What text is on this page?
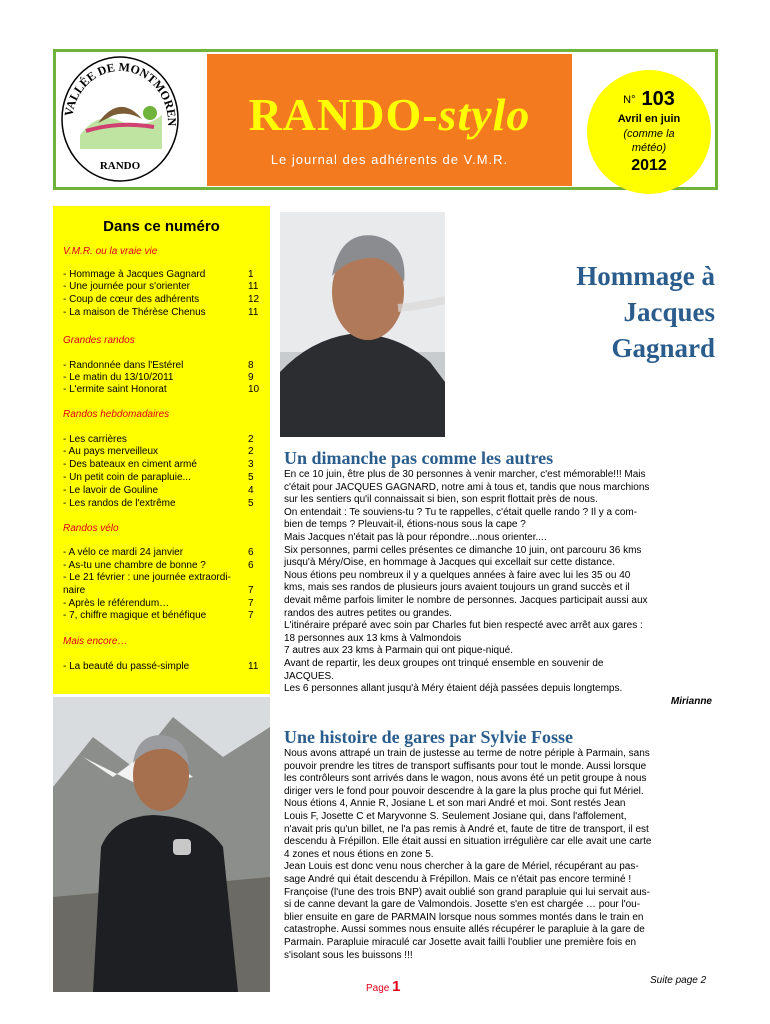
VALLÉE DE MONTMOREN
RANDO
RANDO-stylo
Le journal des adhérents de V.M.R.
$^{N^\circ}$ 103
Avril en juin
(comme la
météo)
2012
Dans ce numéro
V.M.R. ou la vraie vie
- Hommage à Jacques Gagnard	1
- Une journée pour s'orienter	11
- Coup de cœur des adhérents	12
- La maison de Thérèse Chenus	11
Grandes randos
- Randonnée dans l'Estérel	8
- Le matin du 13/10/2011	9
- L'ermite saint Honorat	10
Randos hebdomadaires
- Les carrières	2
- Au pays merveilleux	2
- Des bateaux en ciment armé	3
- Un petit coin de parapluie...	5
- Le lavoir de Gouline	4
- Les randos de l'extrême	5
Randos vélo
- A vélo ce mardi 24 janvier	6
- As-tu une chambre de bonne ?	6
- Le 21 février : une journée extraordi-
naire	7
- Après le référendum…	7
- 7, chiffre magique et bénéfique	7
Mais encore…
- La beauté du passé-simple	11
Hommage à
Jacques
Gagnard
Un dimanche pas comme les autres
En ce 10 juin, être plus de 30 personnes à venir marcher, c'est mémorable!!! Mais
c'était pour JACQUES GAGNARD, notre ami à tous et, tandis que nous marchions
sur les sentiers qu'il connaissait si bien, son esprit flottait près de nous.
On entendait : Te souviens-tu ? Tu te rappelles, c'était quelle rando ? Il y a com-
bien de temps ? Pleuvait-il, étions-nous sous la cape ?
Mais Jacques n'était pas là pour répondre...nous orienter....
Six personnes, parmi celles présentes ce dimanche 10 juin, ont parcouru 36 kms
jusqu'à Méry/Oise, en hommage à Jacques qui excellait sur cette distance.
Nous étions peu nombreux il y a quelques années à faire avec lui les 35 ou 40
kms, mais ses randos de plusieurs jours avaient toujours un grand succès et il
devait même parfois limiter le nombre de personnes. Jacques participait aussi aux
randos des autres petites ou grandes.
L'itinéraire préparé avec soin par Charles fut bien respecté avec arrêt aux gares :
18 personnes aux 13 kms à Valmondois
7 autres aux 23 kms à Parmain qui ont pique-niqué.
Avant de repartir, les deux groupes ont trinqué ensemble en souvenir de
JACQUES.
Les 6 personnes allant jusqu'à Méry étaient déjà passées depuis longtemps.
Mirianne
Une histoire de gares par Sylvie Fosse
Nous avons attrapé un train de justesse au terme de notre périple à Parmain, sans
pouvoir prendre les titres de transport suffisants pour tout le monde. Aussi lorsque
les contrôleurs sont arrivés dans le wagon, nous avons été un petit groupe à nous
diriger vers le fond pour pouvoir descendre à la gare la plus proche qui fut Mériel.
Nous étions 4, Annie R, Josiane L et son mari André et moi. Sont restés Jean
Louis F, Josette C et Maryvonne S. Seulement Josiane qui, dans l'affolement,
n'avait pris qu'un billet, ne l'a pas remis à André et, faute de titre de transport, il est
descendu à Frépillon. Elle était aussi en situation irrégulière car elle avait une carte
4 zones et nous étions en zone 5.
Jean Louis est donc venu nous chercher à la gare de Mériel, récupérant au pas-
sage André qui était descendu à Frépillon. Mais ce n'était pas encore terminé !
Françoise (l'une des trois BNP) avait oublié son grand parapluie qui lui servait aus-
si de canne devant la gare de Valmondois. Josette s'en est chargée … pour l'ou-
blier ensuite en gare de PARMAIN lorsque nous sommes montés dans le train en
catastrophe. Aussi sommes nous ensuite allés récupérer le parapluie à la gare de
Parmain. Parapluie miraculé car Josette avait failli l'oublier une première fois en
s'isolant sous les buissons !!!
Page 1	Suite page 2
